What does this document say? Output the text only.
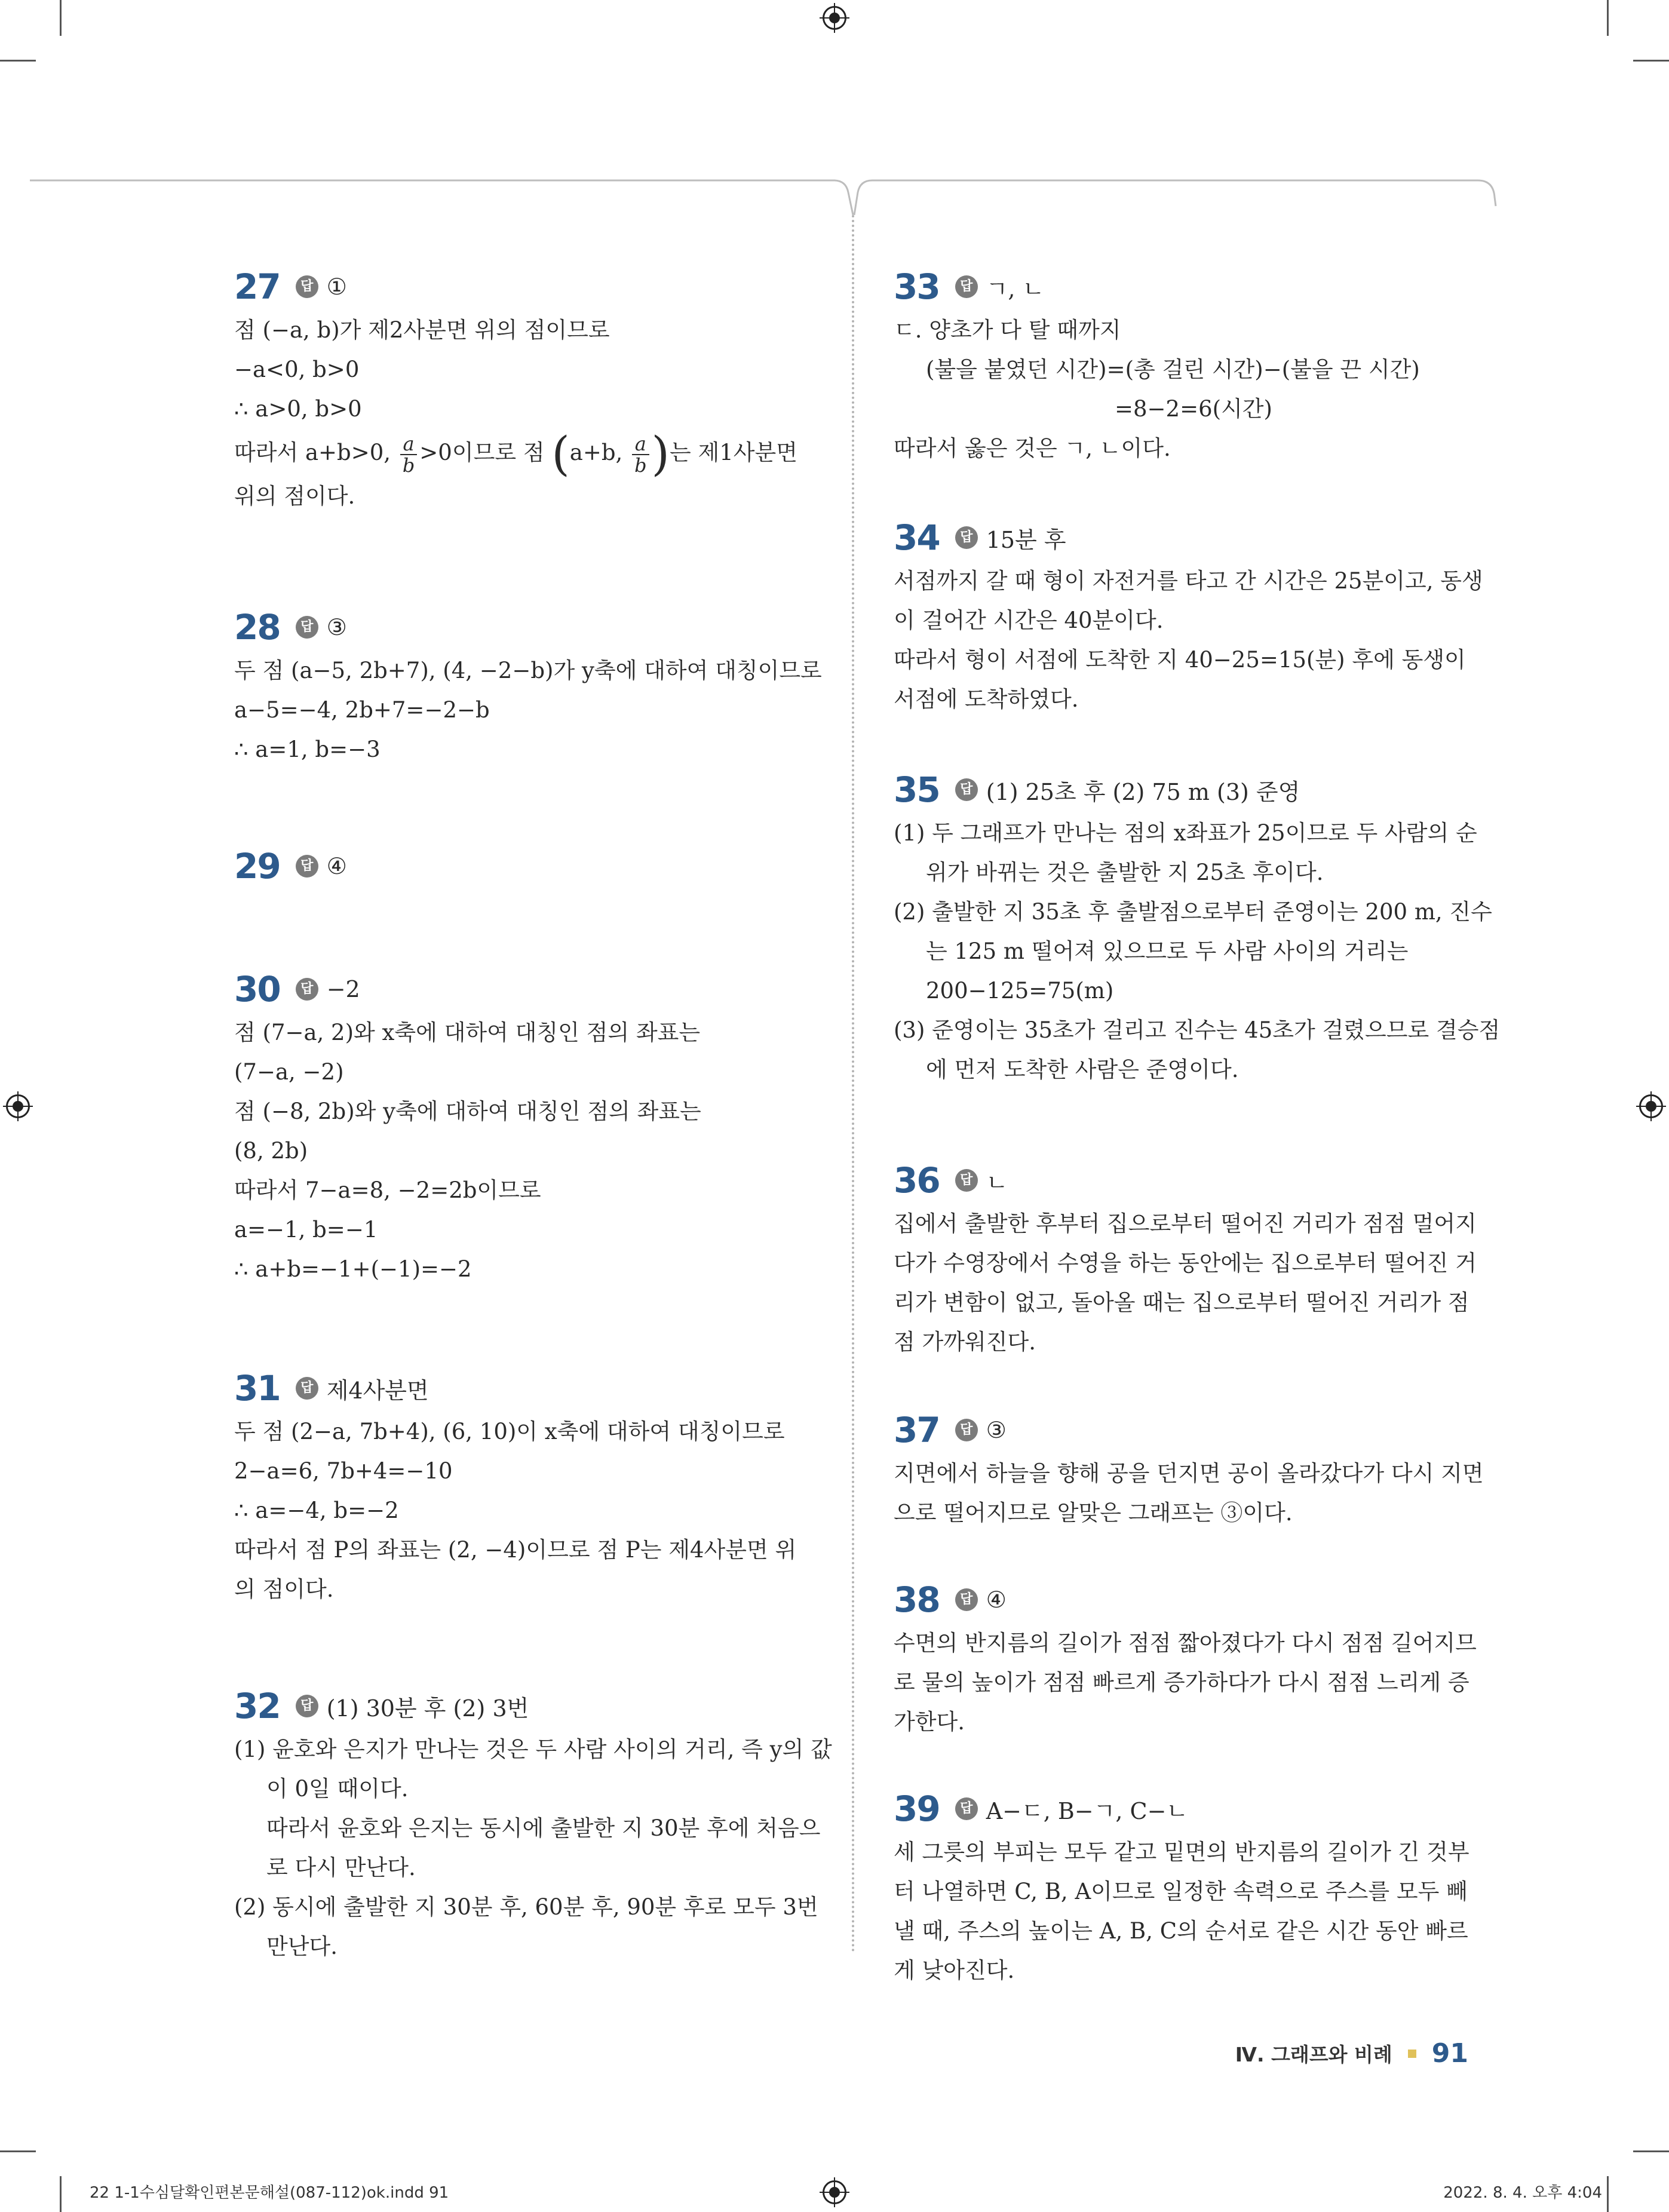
27	답 ①
점 (−a, b)가 제2사분면 위의 점이므로
−a<0, b>0
∴ a>0, b>0
따라서 a+b>0, $\frac{a}{b} >0$이므로 점 (a+b, $\frac{a}{b}$ )는 제1사분면
위의 점이다.
28	답 ③
두 점 (a−5, 2b+7), (4, −2−b)가 y축에 대하여 대칭이므로
a−5=−4, 2b+7=−2−b
∴ a=1, b=−3
29	답 ④
30	답 −2
점 (7−a, 2)와 x축에 대하여 대칭인 점의 좌표는
(7−a, −2)
점 (−8, 2b)와 y축에 대하여 대칭인 점의 좌표는
(8, 2b)
따라서 7−a=8, −2=2b이므로
a=−1, b=−1
∴ a+b=−1+(−1)=−2
31	답 제4사분면
두 점 (2−a, 7b+4), (6, 10)이 x축에 대하여 대칭이므로
2−a=6, 7b+4=−10
∴ a=−4, b=−2
따라서 점 P의 좌표는 (2, −4)이므로 점 P는 제4사분면 위
의 점이다.
32	답 (1) 30분 후 (2) 3번
(1) 윤호와 은지가 만나는 것은 두 사람 사이의 거리, 즉 y의 값
이 0일 때이다.
따라서 윤호와 은지는 동시에 출발한 지 30분 후에 처음으
로 다시 만난다.
(2) 동시에 출발한 지 30분 후, 60분 후, 90분 후로 모두 3번
만난다.
33	답 ㄱ, ㄴ
ㄷ. 양초가 다 탈 때까지
(불을 붙였던 시간)=(총 걸린 시간)−(불을 끈 시간)
=8−2=6(시간)
따라서 옳은 것은 ㄱ, ㄴ이다.
34	답 15분 후
서점까지 갈 때 형이 자전거를 타고 간 시간은 25분이고, 동생
이 걸어간 시간은 40분이다.
따라서 형이 서점에 도착한 지 40−25=15(분) 후에 동생이
서점에 도착하였다.
35	답 (1) 25초 후 (2) 75 m (3) 준영
(1) 두 그래프가 만나는 점의 x좌표가 25이므로 두 사람의 순
위가 바뀌는 것은 출발한 지 25초 후이다.
(2) 출발한 지 35초 후 출발점으로부터 준영이는 200 m, 진수
는 125 m 떨어져 있으므로 두 사람 사이의 거리는
200−125=75(m)
(3) 준영이는 35초가 걸리고 진수는 45초가 걸렸으므로 결승점
에 먼저 도착한 사람은 준영이다.
36	답 ㄴ
집에서 출발한 후부터 집으로부터 떨어진 거리가 점점 멀어지
다가 수영장에서 수영을 하는 동안에는 집으로부터 떨어진 거
리가 변함이 없고, 돌아올 때는 집으로부터 떨어진 거리가 점
점 가까워진다.
37	답 ③
지면에서 하늘을 향해 공을 던지면 공이 올라갔다가 다시 지면
으로 떨어지므로 알맞은 그래프는 ③이다.
38	답 ④
수면의 반지름의 길이가 점점 짧아졌다가 다시 점점 길어지므
로 물의 높이가 점점 빠르게 증가하다가 다시 점점 느리게 증
가한다.
39	답 A−ㄷ, B−ㄱ, C−ㄴ
세 그릇의 부피는 모두 같고 밑면의 반지름의 길이가 긴 것부
터 나열하면 C, B, A이므로 일정한 속력으로 주스를 모두 빼
낼 때, 주스의 높이는 A, B, C의 순서로 같은 시간 동안 빠르
게 낮아진다.
Ⅳ. 그래프와 비례 91
22 1-1수심달확인편본문해설(087-112)ok.indd 91	2022. 8. 4. 오후 4:04
